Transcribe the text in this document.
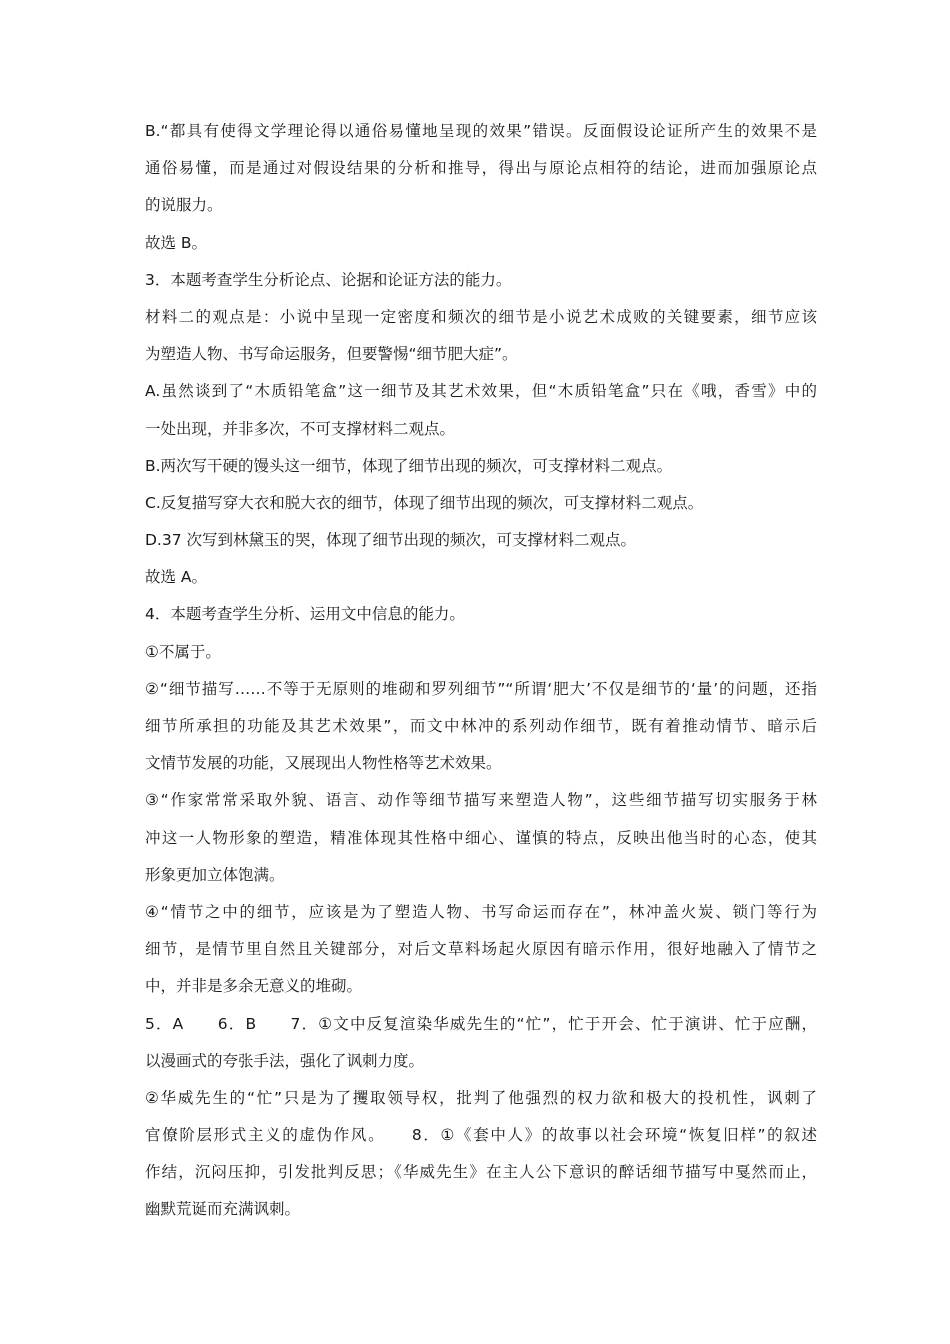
B.“都具有使得文学理论得以通俗易懂地呈现的效果”错误。反面假设论证所产生的效果不是
通俗易懂，而是通过对假设结果的分析和推导，得出与原论点相符的结论，进而加强原论点
的说服力。
故选 B。
3．本题考查学生分析论点、论据和论证方法的能力。
材料二的观点是：小说中呈现一定密度和频次的细节是小说艺术成败的关键要素，细节应该
为塑造人物、书写命运服务，但要警惕“细节肥大症”。
A.虽然谈到了“木质铅笔盒”这一细节及其艺术效果，但“木质铅笔盒”只在《哦，香雪》中的
一处出现，并非多次，不可支撑材料二观点。
B.两次写干硬的馒头这一细节，体现了细节出现的频次，可支撑材料二观点。
C.反复描写穿大衣和脱大衣的细节，体现了细节出现的频次，可支撑材料二观点。
D.37 次写到林黛玉的哭，体现了细节出现的频次，可支撑材料二观点。
故选 A。
4．本题考查学生分析、运用文中信息的能力。
①不属于。
②“细节描写……不等于无原则的堆砌和罗列细节”“所谓‘肥大’不仅是细节的‘量’的问题，还指
细节所承担的功能及其艺术效果”，而文中林冲的系列动作细节，既有着推动情节、暗示后
文情节发展的功能，又展现出人物性格等艺术效果。
③“作家常常采取外貌、语言、动作等细节描写来塑造人物”，这些细节描写切实服务于林
冲这一人物形象的塑造，精准体现其性格中细心、谨慎的特点，反映出他当时的心态，使其
形象更加立体饱满。
④“情节之中的细节，应该是为了塑造人物、书写命运而存在”，林冲盖火炭、锁门等行为
细节，是情节里自然且关键部分，对后文草料场起火原因有暗示作用，很好地融入了情节之
中，并非是多余无意义的堆砌。
5．A　　6．B　　7．①文中反复渲染华威先生的“忙”，忙于开会、忙于演讲、忙于应酬，
以漫画式的夸张手法，强化了讽刺力度。
②华威先生的“忙”只是为了攫取领导权，批判了他强烈的权力欲和极大的投机性，讽刺了
官僚阶层形式主义的虚伪作风。　　8．①《套中人》的故事以社会环境“恢复旧样”的叙述
作结，沉闷压抑，引发批判反思；《华威先生》在主人公下意识的醉话细节描写中戛然而止，
幽默荒诞而充满讽刺。
